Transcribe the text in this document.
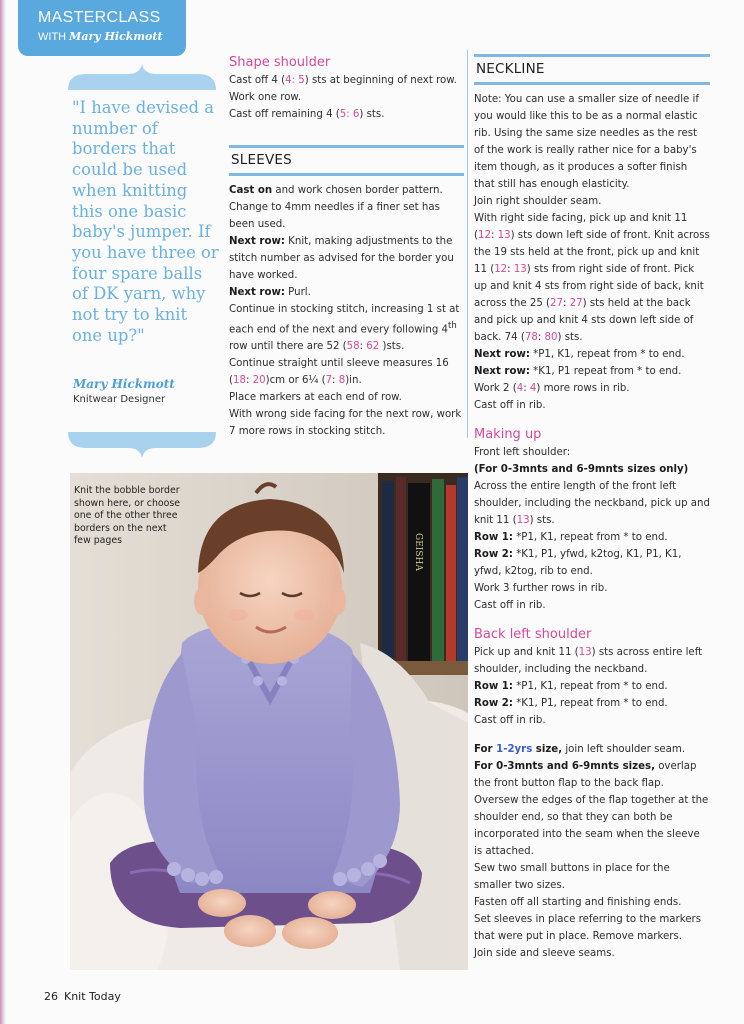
MASTERCLASS
WITH Mary Hickmott

"I have devised a number of borders that could be used when knitting this one basic baby's jumper. If you have three or four spare balls of DK yarn, why not try to knit one up?"

Mary Hickmott
Knitwear Designer

Shape shoulder

Cast off 4 (4: 5) sts at beginning of next row.

Work one row.

Cast off remaining 4 (5: 6) sts.

SLEEVES

Cast on and work chosen border pattern. Change to 4mm needles if a finer set has been used.

Next row: Knit, making adjustments to the stitch number as advised for the border you have worked.

Next row: Purl.

Continue in stocking stitch, increasing 1 st at each end of the next and every following 4th row until there are 52 (58: 62 )sts.

Continue straight until sleeve measures 16 (18: 20)cm or 6¼ (7: 8)in.

Place markers at each end of row.

With wrong side facing for the next row, work 7 more rows in stocking stitch.

NECKLINE

Note: You can use a smaller size of needle if you would like this to be as a normal elastic rib. Using the same size needles as the rest of the work is really rather nice for a baby's item though, as it produces a softer finish that still has enough elasticity.

Join right shoulder seam.

With right side facing, pick up and knit 11 (12: 13) sts down left side of front. Knit across the 19 sts held at the front, pick up and knit 11 (12: 13) sts from right side of front. Pick up and knit 4 sts from right side of back, knit across the 25 (27: 27) sts held at the back and pick up and knit 4 sts down left side of back. 74 (78: 80) sts.

Next row: *P1, K1, repeat from * to end.

Next row: *K1, P1 repeat from * to end.

Work 2 (4: 4) more rows in rib.

Cast off in rib.

Making up

Front left shoulder:

(For 0-3mnts and 6-9mnts sizes only)

Across the entire length of the front left shoulder, including the neckband, pick up and knit 11 (13) sts.

Row 1: *P1, K1, repeat from * to end.

Row 2: *K1, P1, yfwd, k2tog, K1, P1, K1, yfwd, k2tog, rib to end.

Work 3 further rows in rib.

Cast off in rib.

Back left shoulder

Pick up and knit 11 (13) sts across entire left shoulder, including the neckband.

Row 1: *P1, K1, repeat from * to end.

Row 2: *K1, P1, repeat from * to end.

Cast off in rib.

For 1-2yrs size, join left shoulder seam.

For 0-3mnts and 6-9mnts sizes, overlap the front button flap to the back flap. Oversew the edges of the flap together at the shoulder end, so that they can both be incorporated into the seam when the sleeve is attached.

Sew two small buttons in place for the smaller two sizes.

Fasten off all starting and finishing ends.

Set sleeves in place referring to the markers that were put in place. Remove markers.

Join side and sleeve seams.

GEISHA
Knit the bobble border shown here, or choose one of the other three borders on the next few pages
26 Knit Today
